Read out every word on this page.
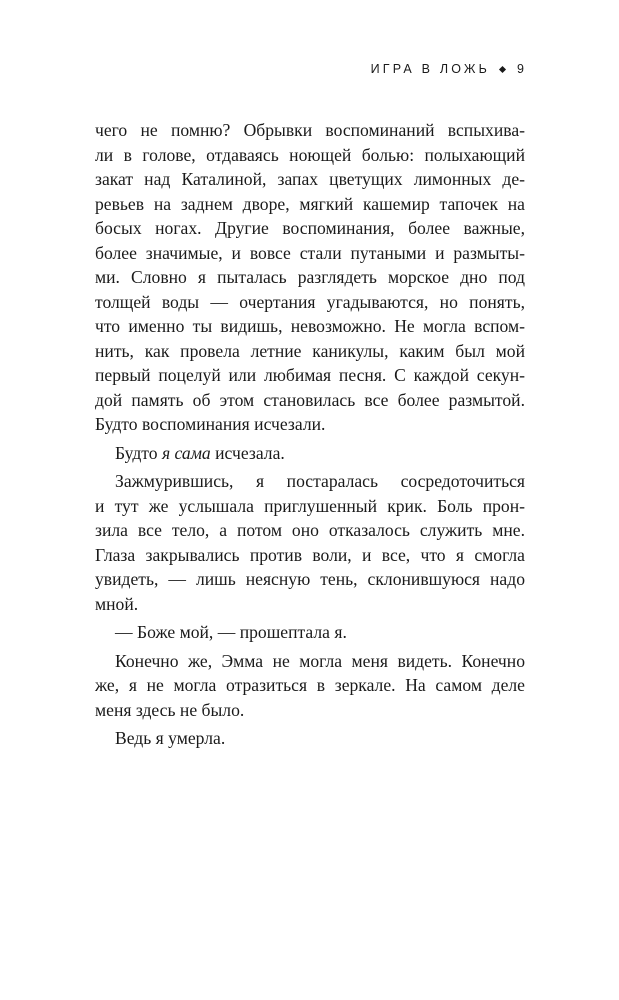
ИГРА В ЛОЖЬ 9
чего не помню? Обрывки воспоминаний вспыхива-
ли в голове, отдаваясь ноющей болью: полыхающий
закат над Каталиной, запах цветущих лимонных де-
ревьев на заднем дворе, мягкий кашемир тапочек на
босых ногах. Другие воспоминания, более важные,
более значимые, и вовсе стали путаными и размыты-
ми. Словно я пыталась разглядеть морское дно под
толщей воды — очертания угадываются, но понять,
что именно ты видишь, невозможно. Не могла вспом-
нить, как провела летние каникулы, каким был мой
первый поцелуй или любимая песня. С каждой секун-
дой память об этом становилась все более размытой.
Будто воспоминания исчезали.
Будто я сама исчезала.
Зажмурившись, я постаралась сосредоточиться
и тут же услышала приглушенный крик. Боль прон-
зила все тело, а потом оно отказалось служить мне.
Глаза закрывались против воли, и все, что я смогла
увидеть, — лишь неясную тень, склонившуюся надо
мной.
— Боже мой, — прошептала я.
Конечно же, Эмма не могла меня видеть. Конечно
же, я не могла отразиться в зеркале. На самом деле
меня здесь не было.
Ведь я умерла.
